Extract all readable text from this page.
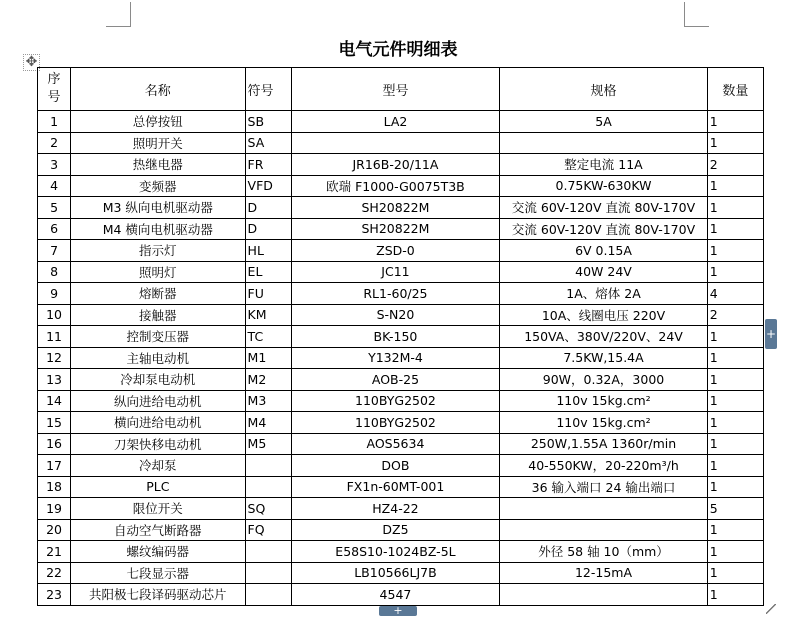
电气元件明细表
✥
序
号	名称	符号	型号	规格	数量
1	总停按钮	SB	LA2	5A	1
2	照明开关	SA			1
3	热继电器	FR	JR16B-20/11A	整定电流 11A	2
4	变频器	VFD	欧瑞 F1000-G0075T3B	0.75KW-630KW	1
5	M3 纵向电机驱动器	D	SH20822M	交流 60V-120V 直流 80V-170V	1
6	M4 横向电机驱动器	D	SH20822M	交流 60V-120V 直流 80V-170V	1
7	指示灯	HL	ZSD-0	6V 0.15A	1
8	照明灯	EL	JC11	40W 24V	1
9	熔断器	FU	RL1-60/25	1A、熔体 2A	4
10	接触器	KM	S-N20	10A、线圈电压 220V	2
11	控制变压器	TC	BK-150	150VA、380V/220V、24V	1
12	主轴电动机	M1	Y132M-4	7.5KW,15.4A	1
13	冷却泵电动机	M2	AOB-25	90W，0.32A，3000	1
14	纵向进给电动机	M3	110BYG2502	110v 15kg.cm²	1
15	横向进给电动机	M4	110BYG2502	110v 15kg.cm²	1
16	刀架快移电动机	M5	AOS5634	250W,1.55A 1360r/min	1
17	冷却泵		DOB	40-550KW，20-220m³/h	1
18	PLC		FX1n-60MT-001	36 输入端口 24 输出端口	1
19	限位开关	SQ	HZ4-22		5
20	自动空气断路器	FQ	DZ5		1
21	螺纹编码器		E58S10-1024BZ-5L	外径 58 轴 10（mm）	1
22	七段显示器		LB10566LJ7B	12-15mA	1
23	共阳极七段译码驱动芯片		4547		1
+
+
